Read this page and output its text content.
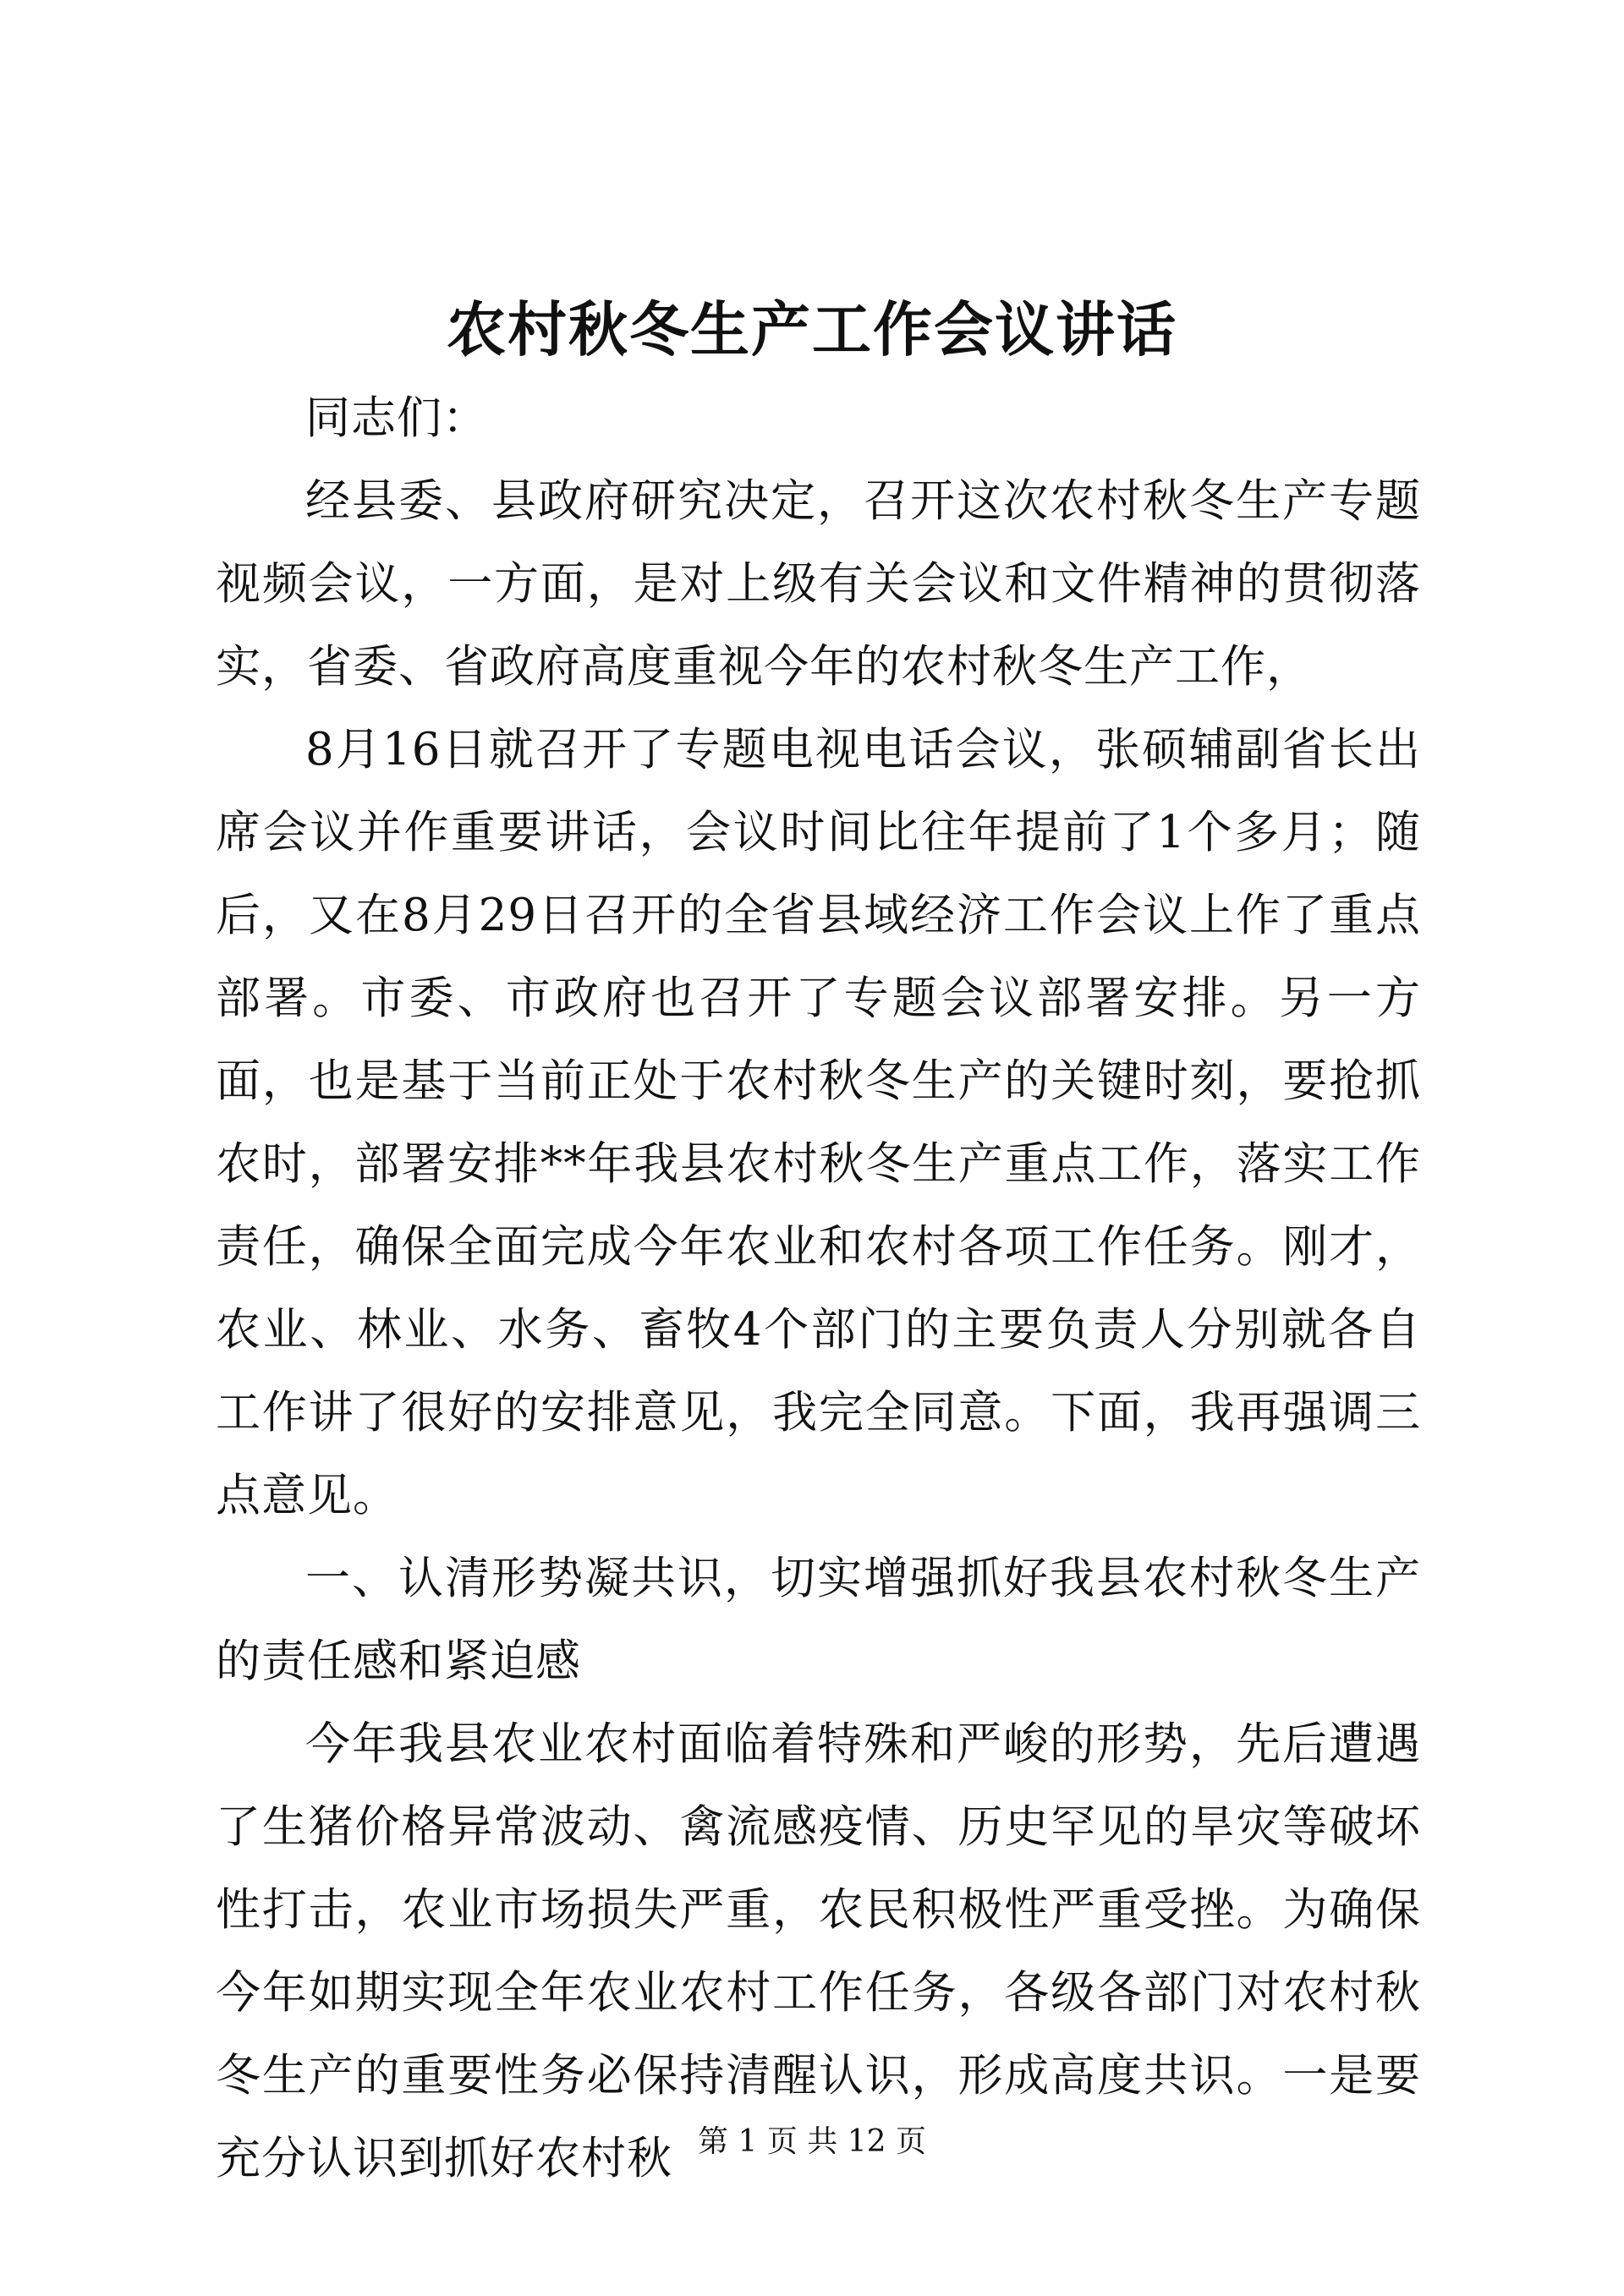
农村秋冬生产工作会议讲话

同志们：

经县委、县政府研究决定，召开这次农村秋冬生产专题视频会议，一方面，是对上级有关会议和文件精神的贯彻落实，省委、省政府高度重视今年的农村秋冬生产工作，

8月16日就召开了专题电视电话会议，张硕辅副省长出席会议并作重要讲话，会议时间比往年提前了1个多月；随后，又在8月29日召开的全省县域经济工作会议上作了重点部署。市委、市政府也召开了专题会议部署安排。另一方面，也是基于当前正处于农村秋冬生产的关键时刻，要抢抓农时，部署安排**年我县农村秋冬生产重点工作，落实工作责任，确保全面完成今年农业和农村各项工作任务。刚才，农业、林业、水务、畜牧4个部门的主要负责人分别就各自工作讲了很好的安排意见，我完全同意。下面，我再强调三点意见。

一、认清形势凝共识，切实增强抓好我县农村秋冬生产的责任感和紧迫感

今年我县农业农村面临着特殊和严峻的形势，先后遭遇了生猪价格异常波动、禽流感疫情、历史罕见的旱灾等破坏性打击，农业市场损失严重，农民积极性严重受挫。为确保今年如期实现全年农业农村工作任务，各级各部门对农村秋冬生产的重要性务必保持清醒认识，形成高度共识。一是要充分认识到抓好农村秋 第 1 页 共 12 页
